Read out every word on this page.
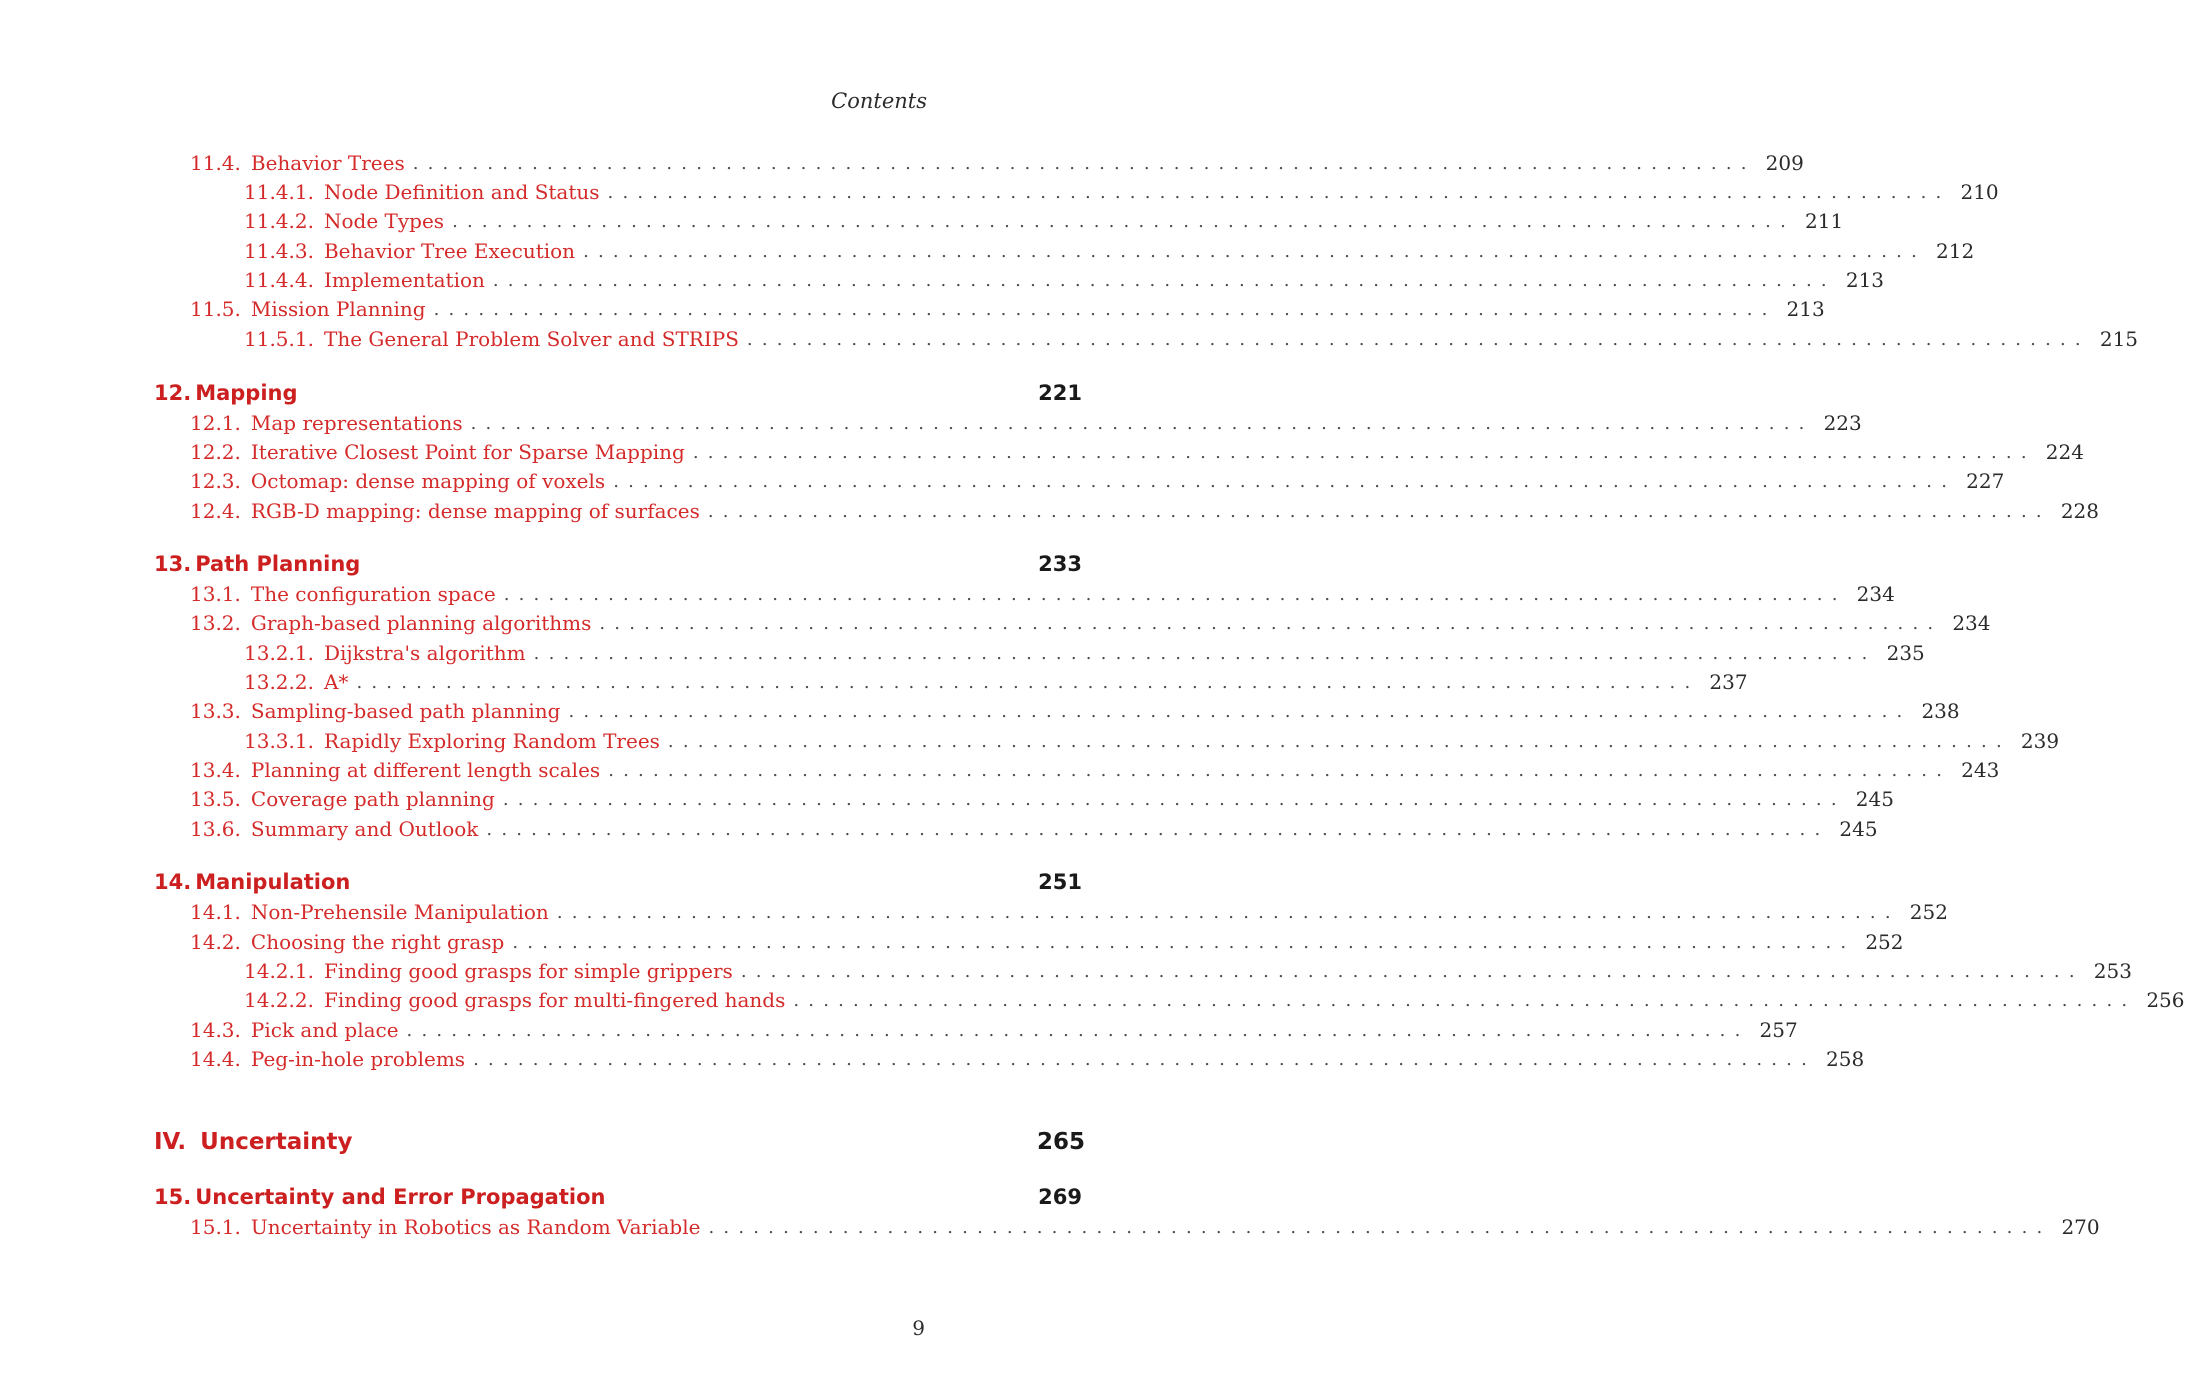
Contents
11.4. Behavior Trees .......................................................................................... 209
11.4.1. Node Definition and Status .......................................................................................... 210
11.4.2. Node Types .......................................................................................... 211
11.4.3. Behavior Tree Execution .......................................................................................... 212
11.4.4. Implementation .......................................................................................... 213
11.5. Mission Planning .......................................................................................... 213
11.5.1. The General Problem Solver and STRIPS .......................................................................................... 215
12. Mapping	221
12.1. Map representations .......................................................................................... 223
12.2. Iterative Closest Point for Sparse Mapping .......................................................................................... 224
12.3. Octomap: dense mapping of voxels .......................................................................................... 227
12.4. RGB-D mapping: dense mapping of surfaces .......................................................................................... 228
13. Path Planning	233
13.1. The configuration space .......................................................................................... 234
13.2. Graph-based planning algorithms .......................................................................................... 234
13.2.1. Dijkstra's algorithm .......................................................................................... 235
13.2.2. A* .......................................................................................... 237
13.3. Sampling-based path planning .......................................................................................... 238
13.3.1. Rapidly Exploring Random Trees .......................................................................................... 239
13.4. Planning at different length scales .......................................................................................... 243
13.5. Coverage path planning .......................................................................................... 245
13.6. Summary and Outlook .......................................................................................... 245
14. Manipulation	251
14.1. Non-Prehensile Manipulation .......................................................................................... 252
14.2. Choosing the right grasp .......................................................................................... 252
14.2.1. Finding good grasps for simple grippers .......................................................................................... 253
14.2.2. Finding good grasps for multi-fingered hands .......................................................................................... 256
14.3. Pick and place .......................................................................................... 257
14.4. Peg-in-hole problems .......................................................................................... 258
IV. Uncertainty	265
15. Uncertainty and Error Propagation	269
15.1. Uncertainty in Robotics as Random Variable .......................................................................................... 270
9
